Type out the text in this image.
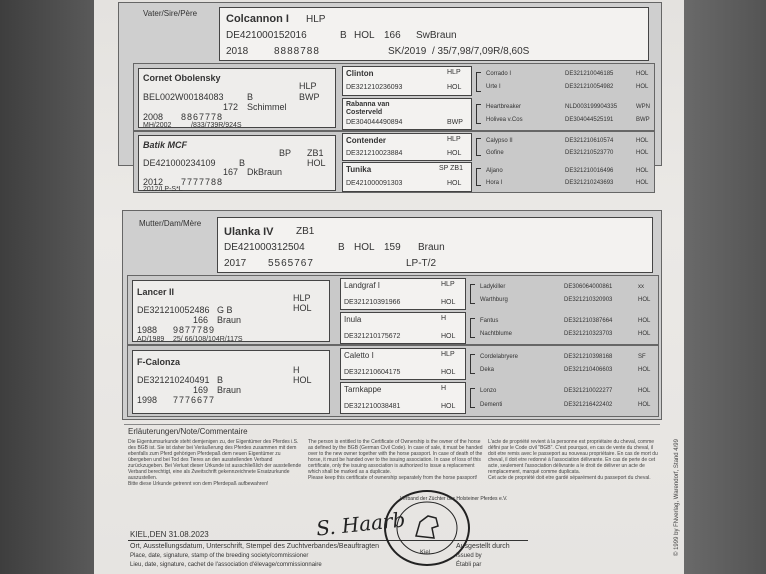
Vater/Sire/Père	Colcannon I HLP
DE421000152016	B HOL 166 SwBraun
2018	8888788	SK/2019 / 35/7,98/7,09R/8,60S
Cornet Obolensky
HLP
BWP
BEL002W00184083	B
172 Schimmel
2008 8867778
MH/2002	/833/739R/924S
Clinton	HLP
DE321210236093	HOL
Rabanna van
Costerveld
DE304044490894	BWP
Corrado I	DE321210046185	HOL
Urte I	DE321210054982	HOL
Heartbreaker	NLD003199904335	WPN
Holivea v.Cos	DE304044525191	BWP
Batik MCF
BP ZB1
HOL
DE421000234109	B
167 DkBraun
2012 7777788
2012/LP-S*L
Contender	HLP
DE321210023884	HOL
Tunika	SP ZB1
DE421000091303	HOL
Calypso II	DE321210610574	HOL
Gofine	DE321210523770	HOL
Aljano	DE321210016496	HOL
Hora I	DE321210243693	HOL
Mutter/Dam/Mère
Ulanka IV ZB1
DE421000312504	B HOL 159 Braun
2017 5565767	LP-T/2
Lancer II
HLP
HOL
DE321210052486 G B
166 Braun
1988 9877789
AD/1989 25/ 66/108/104R/117S
Landgraf I	HLP
DE321210391966	HOL
Inula	H
DE321210175672	HOL
Ladykiller	DE306064000861	xx
Warthburg	DE321210320903	HOL
Fantus	DE321210387664	HOL
Nachtblume	DE321210323703	HOL
F-Calonza
H
HOL
DE321210240491 B
169 Braun
1998 7776677
Caletto I	HLP
DE321210604175	HOL
Tarnkappe	H
DE321210038481	HOL
Cordelabryere	DE321210398168	SF
Deka	DE321210406603	HOL
Lonzo	DE321210022277	HOL
Dementi	DE321216422402	HOL
Erläuterungen/Note/Commentaire
Die Eigentumsurkunde steht demjenigen zu, der Eigentümer des Pferdes i.S. des BGB ist. Sie ist daher bei Veräußerung des Pferdes zusammen mit dem ebenfalls zum Pferd gehörigen Pferdepaß dem neuen Eigentümer zu übergeben und bei Tod des Tieres an den ausstellenden Verband zurückzugeben. Bei Verlust dieser Urkunde ist ausschließlich der ausstellende Verband berechtigt, eine als Zweitschrift gekennzeichnete Ersatzurkunde auszustellen.
Bitte diese Urkunde getrennt von dem Pferdepaß aufbewahren!
The person is entitled to the Certificate of Ownership is the owner of the horse as defined by the BGB (German Civil Code). In case of sale, it must be handed over to the new owner together with the horse passport. In case of death of the horse, it must be handed over to the issuing association. In case of loss of this certificate, only the issuing association is authorized to issue a replacement which shall be marked as a duplicate.
Please keep this certificate of ownership separately from the horse passport!
L'acte de propriété revient à la personne est propriétaire du cheval, comme défini par le Code civil "BGB". C'est pourquoi, en cas de vente du cheval, il doit etre remis avec le passeport au nouveau propriétaire. En cas de mort du cheval, il doit etre redonné à l'association délivrante. En cas de perte de cet acte, seulement l'association délivrante a le droit de délivrer un acte de remplacement, marqué comme duplicata.
Cet acte de propriété doit etre gardé séparément du passeport du cheval.
KIEL,DEN 31.08.2023
Ort, Ausstellungsdatum, Unterschrift, Stempel des Zuchtverbandes/Beauftragten
Place, date, signature, stamp of the breeding society/commissioner
Lieu, date, signature, cachet de l'association d'élevage/commissionnaire
Ausgestellt durch
Issued by
Établi par
S. Haarb
Verband der Züchter des Holsteiner Pferdes e.V.
Kiel	© 1999 by FNverlag, Warendorf, Stand 4/99
